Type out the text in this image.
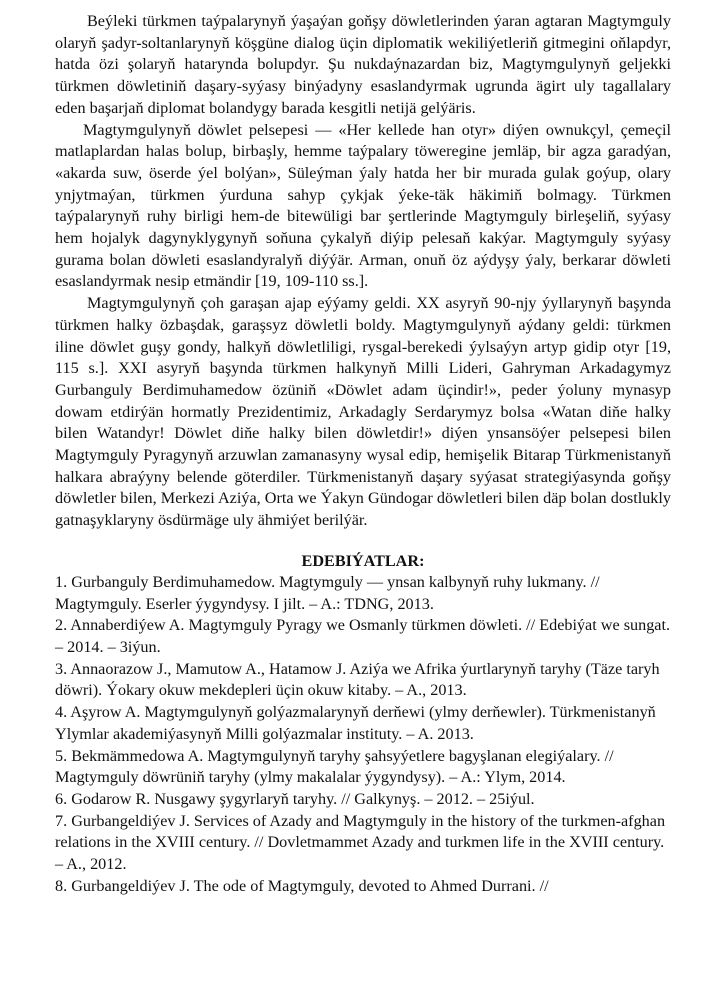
Beýleki türkmen taýpalarynyň ýaşaýan goňşy döwletlerinden ýaran agtaran Magtymguly olaryň şadyr-soltanlarynyň köşgüne dialog üçin diplomatik wekiliýetleriň gitmegini oňlapdyr, hatda özi şolaryň hatarynda bolupdyr. Şu nukdaýnazardan biz, Magtymgulynyň geljekki türkmen döwletiniň daşary-syýasy binýadyny esaslandyrmak ugrunda ägirt uly tagallalary eden başarjaň diplomat bolandygy barada kesgitli netijä gelýäris.

Magtymgulynyň döwlet pelsepesi — «Her kellede han otyr» diýen ownukçyl, çemeçil matlaplardan halas bolup, birbaşly, hemme taýpalary töweregine jemläp, bir agza garadýan, «akarda suw, öserde ýel bolýan», Süleýman ýaly hatda her bir murada gulak goýup, olary ynjytmaýan, türkmen ýurduna sahyp çykjak ýeke-täk häkimiň bolmagy. Türkmen taýpalarynyň ruhy birligi hem-de bitewüligi bar şertlerinde Magtymguly birleşeliň, syýasy hem hojalyk dagynyklygynyň soňuna çykalyň diýip pelesaň kakýar. Magtymguly syýasy gurama bolan döwleti esaslandyralyň diýýär. Arman, onuň öz aýdyşy ýaly, berkarar döwleti esaslandyrmak nesip etmändir [19, 109-110 ss.].

Magtymgulynyň çoh garaşan ajap eýýamy geldi. XX asyryň 90-njy ýyllarynyň başynda türkmen halky özbaşdak, garaşsyz döwletli boldy. Magtymgulynyň aýdany geldi: türkmen iline döwlet guşy gondy, halkyň döwletliligi, rysgal-berekedi ýylsaýyn artyp gidip otyr [19, 115 s.]. XXI asyryň başynda türkmen halkynyň Milli Lideri, Gahryman Arkadagymyz Gurbanguly Berdimuhamedow özüniň «Döwlet adam üçindir!», peder ýoluny mynasyp dowam etdirýän hormatly Prezidentimiz, Arkadagly Serdarymyz bolsa «Watan diňe halky bilen Watandyr! Döwlet diňe halky bilen döwletdir!» diýen ynsansöýer pelsepesi bilen Magtymguly Pyragynyň arzuwlan zamanasyny wysal edip, hemişelik Bitarap Türkmenistanyň halkara abraýyny belende göterdiler. Türkmenistanyň daşary syýasat strategiýasynda goňşy döwletler bilen, Merkezi Aziýa, Orta we Ýakyn Gündogar döwletleri bilen däp bolan dostlukly gatnaşyklaryny ösdürmäge uly ähmiýet berilýär.

EDEBIÝATLAR:
1. Gurbanguly Berdimuhamedow. Magtymguly — ynsan kalbynyň ruhy lukmany. // Magtymguly. Eserler ýygyndysy. I jilt. – A.: TDNG, 2013.
2. Annaberdiýew A. Magtymguly Pyragy we Osmanly türkmen döwleti. // Edebiýat we sungat. – 2014. – 3iýun.
3. Annaorazow J., Mamutow A., Hatamow J. Aziýa we Afrika ýurtlarynyň taryhy (Täze taryh döwri). Ýokary okuw mekdepleri üçin okuw kitaby. – A., 2013.
4. Aşyrow A. Magtymgulynyň golýazmalarynyň derňewi (ylmy derňewler). Türkmenistanyň Ylymlar akademiýasynyň Milli golýazmalar instituty. – A. 2013.
5. Bekmämmedowa A. Magtymgulynyň taryhy şahsyýetlere bagyşlanan elegiýalary. // Magtymguly döwrüniň taryhy (ylmy makalalar ýygyndysy). – A.: Ylym, 2014.
6. Godarow R. Nusgawy şygyrlaryň taryhy. // Galkynyş. – 2012. – 25iýul.
7. Gurbangeldiýev J. Services of Azady and Magtymguly in the history of the turkmen-afghan relations in the XVIII century. // Dovletmammet Azady and turkmen life in the XVIII century. – A., 2012.
8. Gurbangeldiýev J. The ode of Magtymguly, devoted to Ahmed Durrani. //
